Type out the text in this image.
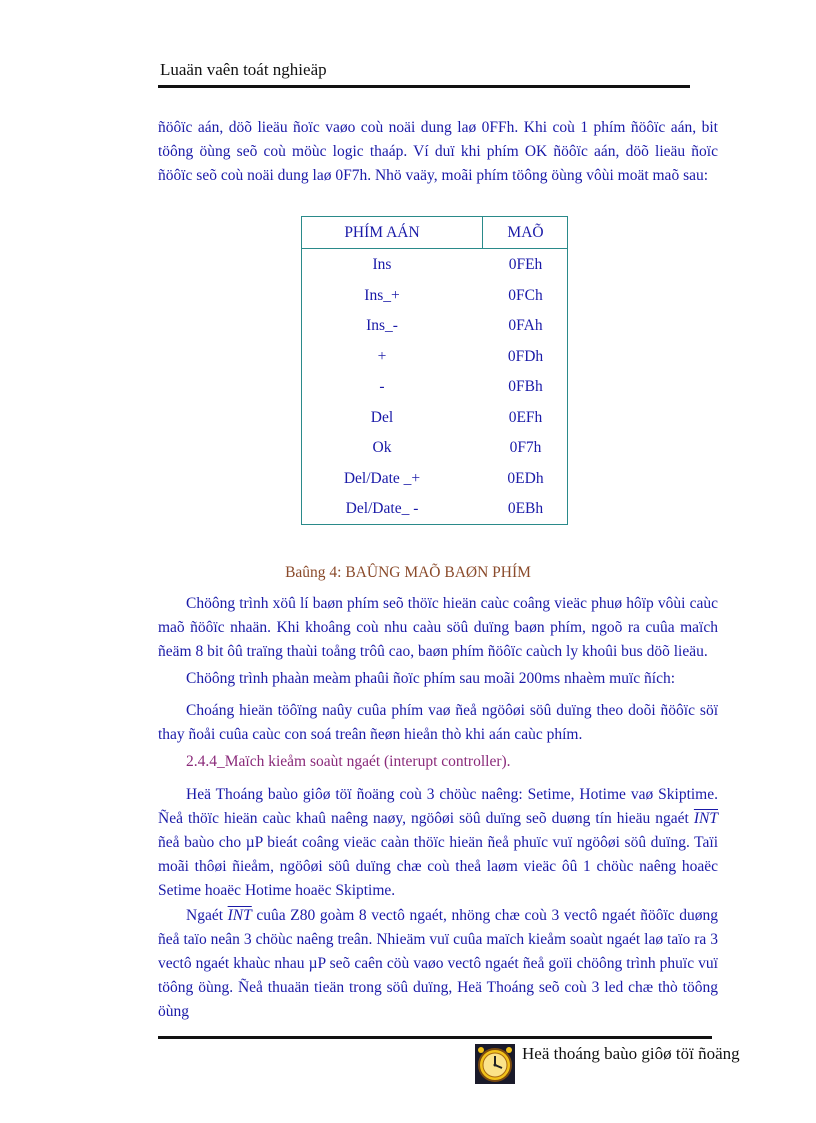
Luaän vaên toát nghieäp

ñöôïc aán, döõ lieäu ñoïc vaøo coù noäi dung laø 0FFh. Khi coù 1 phím ñöôïc aán, bit töông öùng seõ coù möùc logic thaáp. Ví duï khi phím OK ñöôïc aán, döõ lieäu ñoïc ñöôïc seõ coù noäi dung laø 0F7h. Nhö vaäy, moãi phím töông öùng vôùi moät maõ sau:

PHÍM AÁN	MAÕ
Ins	0FEh
Ins_+	0FCh
Ins_-	0FAh
+	0FDh
-	0FBh
Del	0EFh
Ok	0F7h
Del/Date _+	0EDh
Del/Date_ -	0EBh
Baûng 4: BAÛNG MAÕ BAØN PHÍM

Chöông trình xöû lí baøn phím seõ thöïc hieän caùc coâng vieäc phuø hôïp vôùi caùc maõ ñöôïc nhaän. Khi khoâng coù nhu caàu söû duïng baøn phím, ngoõ ra cuûa maïch ñeäm 8 bit ôû traïng thaùi toång trôû cao, baøn phím ñöôïc caùch ly khoûi bus döõ lieäu.

Chöông trình phaàn meàm phaûi ñoïc phím sau moãi 200ms nhaèm muïc ñích:

Choáng hieän töôïng naûy cuûa phím vaø ñeå ngöôøi söû duïng theo doõi ñöôïc söï thay ñoåi cuûa caùc con soá treân ñeøn hieån thò khi aán caùc phím.

2.4.4_Maïch kieåm soaùt ngaét (interupt controller).

Heä Thoáng baùo giôø töï ñoäng coù 3 chöùc naêng: Setime, Hotime vaø Skiptime. Ñeå thöïc hieän caùc khaû naêng naøy, ngöôøi söû duïng seõ duøng tín hieäu ngaét $\overline{INT}$ ñeå baùo cho µP bieát coâng vieäc caàn thöïc hieän ñeå phuïc vuï ngöôøi söû duïng. Taïi moãi thôøi ñieåm, ngöôøi söû duïng chæ coù theå laøm vieäc ôû 1 chöùc naêng hoaëc Setime hoaëc Hotime hoaëc Skiptime.

Ngaét $\overline{INT}$ cuûa Z80 goàm 8 vectô ngaét, nhöng chæ coù 3 vectô ngaét ñöôïc duøng ñeå taïo neân 3 chöùc naêng treân. Nhieäm vuï cuûa maïch kieåm soaùt ngaét laø taïo ra 3 vectô ngaét khaùc nhau µP seõ caên cöù vaøo vectô ngaét ñeå goïi chöông trình phuïc vuï töông öùng. Ñeå thuaän tieän trong söû duïng, Heä Thoáng seõ coù 3 led chæ thò töông öùng

Heä thoáng baùo giôø töï ñoäng
